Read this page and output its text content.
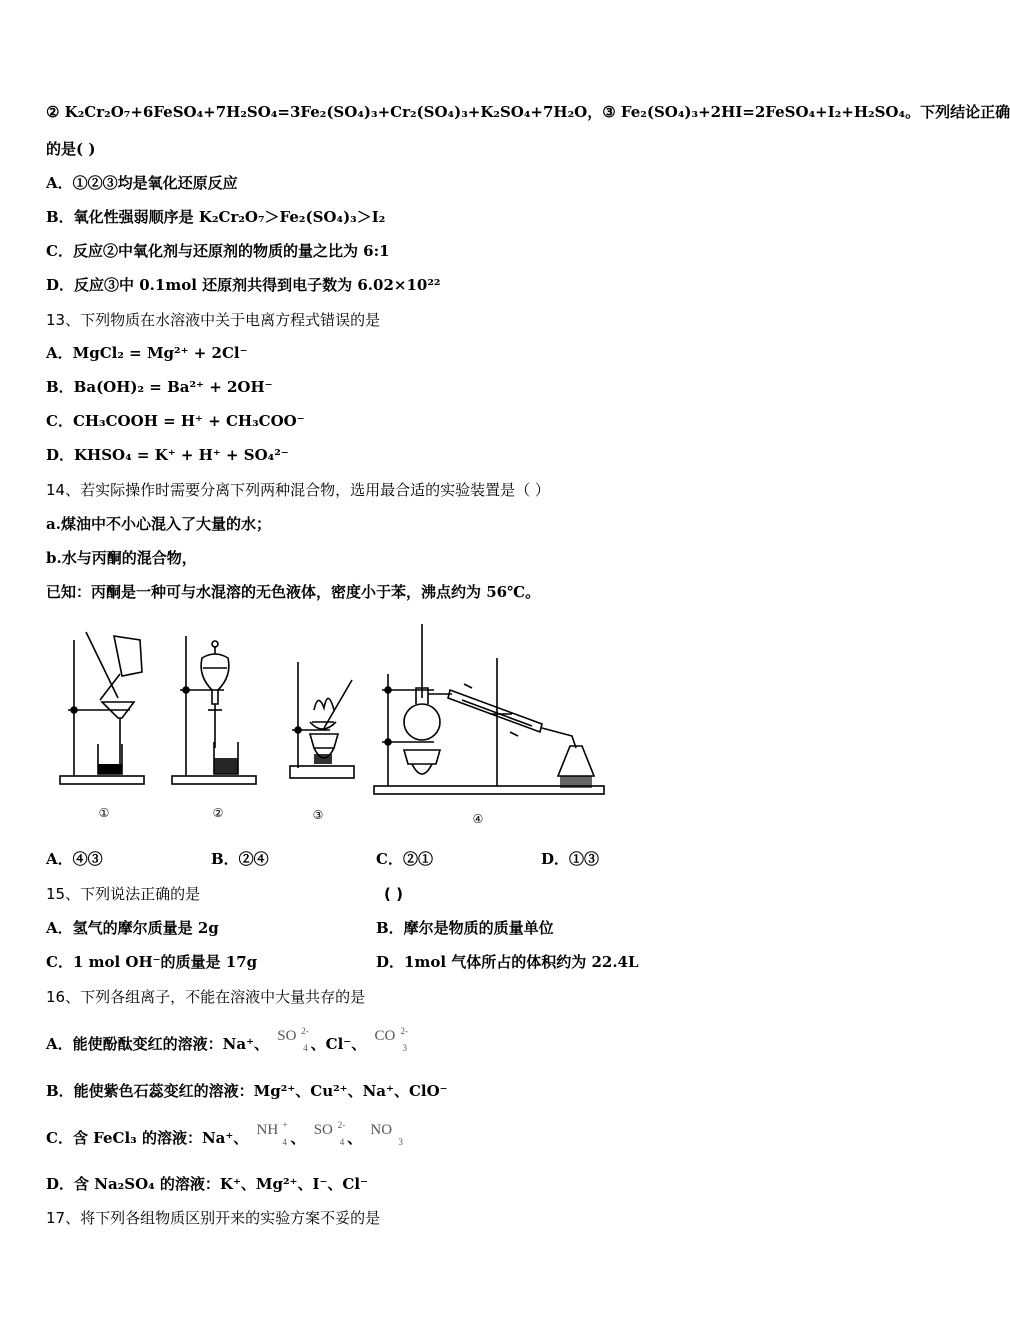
② K₂Cr₂O₇+6FeSO₄+7H₂SO₄=3Fe₂(SO₄)₃+Cr₂(SO₄)₃+K₂SO₄+7H₂O，③ Fe₂(SO₄)₃+2HI=2FeSO₄+I₂+H₂SO₄。下列结论正确
的是( )
A．①②③均是氧化还原反应
B．氧化性强弱顺序是 K₂Cr₂O₇＞Fe₂(SO₄)₃＞I₂
C．反应②中氧化剂与还原剂的物质的量之比为 6:1
D．反应③中 0.1mol 还原剂共得到电子数为 6.02×10²²
13、下列物质在水溶液中关于电离方程式错误的是
A．MgCl₂ = Mg²⁺ + 2Cl⁻
B．Ba(OH)₂ = Ba²⁺ + 2OH⁻
C．CH₃COOH = H⁺ + CH₃COO⁻
D．KHSO₄ = K⁺ + H⁺ + SO₄²⁻
14、若实际操作时需要分离下列两种混合物，选用最合适的实验装置是（ ）
a.煤油中不小心混入了大量的水；
b.水与丙酮的混合物，
已知：丙酮是一种可与水混溶的无色液体，密度小于苯，沸点约为 56℃。
①	②	③	④
A．④③	B．②④	C．②①	D．①③
15、下列说法正确的是	( )
A．氢气的摩尔质量是 2g	B．摩尔是物质的质量单位
C．1 mol OH⁻的质量是 17g	D．1mol 气体所占的体积约为 22.4L
16、下列各组离子，不能在溶液中大量共存的是
A．能使酚酞变红的溶液：Na⁺、 SO 2-
4 、Cl⁻、 CO 2-
3
B．能使紫色石蕊变红的溶液：Mg²⁺、Cu²⁺、Na⁺、ClO⁻
C．含 FeCl₃ 的溶液：Na⁺、 NH +
4 、 SO 2-
4 、 NO
3
D．含 Na₂SO₄ 的溶液：K⁺、Mg²⁺、I⁻、Cl⁻
17、将下列各组物质区别开来的实验方案不妥的是
